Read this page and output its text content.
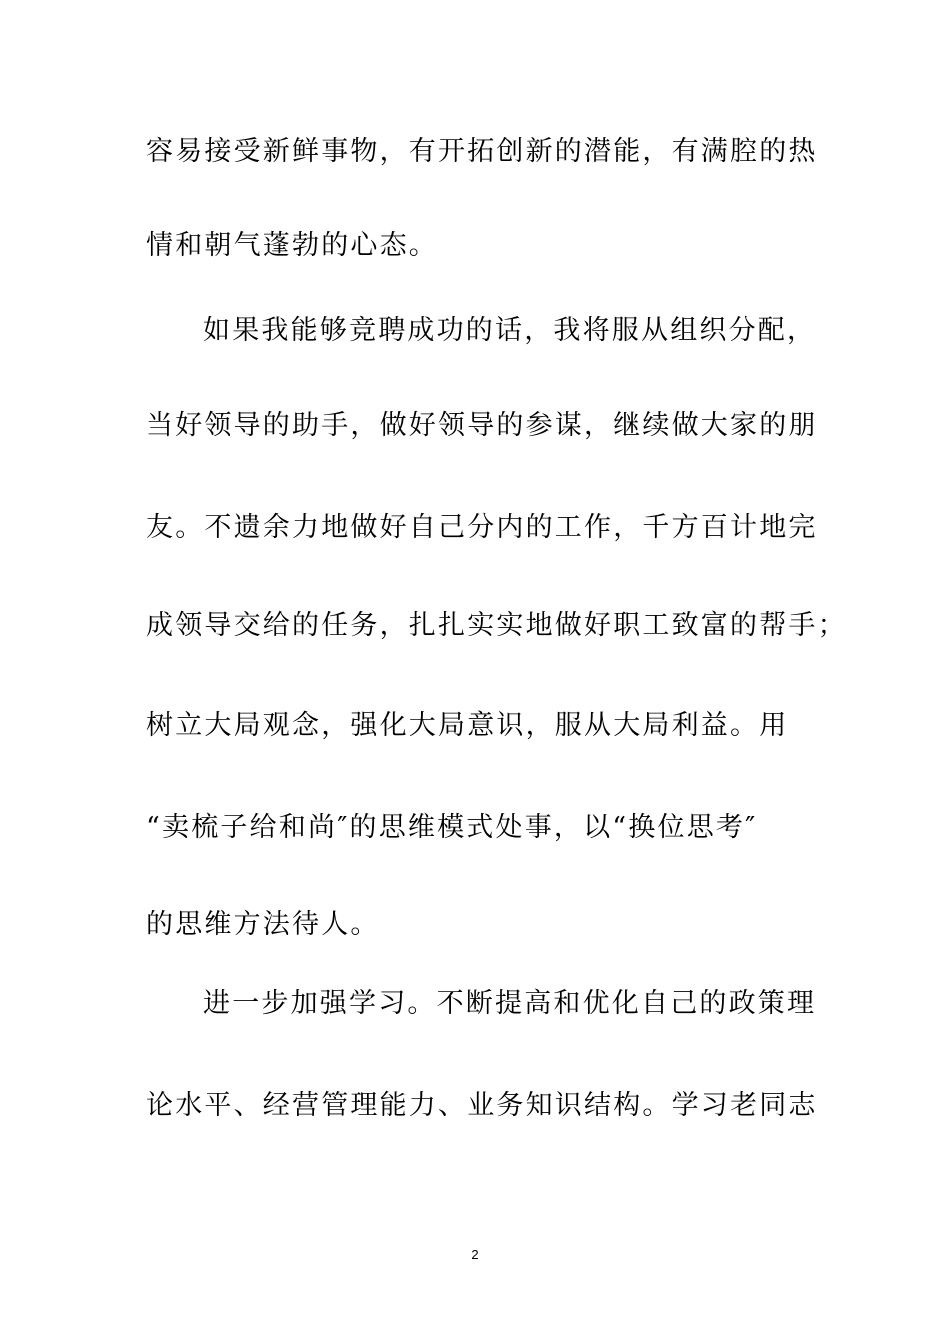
容易接受新鲜事物，有开拓创新的潜能，有满腔的热
情和朝气蓬勃的心态。
如果我能够竞聘成功的话，我将服从组织分配，
当好领导的助手，做好领导的参谋，继续做大家的朋
友。不遗余力地做好自己分内的工作，千方百计地完
成领导交给的任务，扎扎实实地做好职工致富的帮手；
树立大局观念，强化大局意识，服从大局利益。用
“卖梳子给和尚″的思维模式处事，以“换位思考″
的思维方法待人。
进一步加强学习。不断提高和优化自己的政策理
论水平、经营管理能力、业务知识结构。学习老同志
2
